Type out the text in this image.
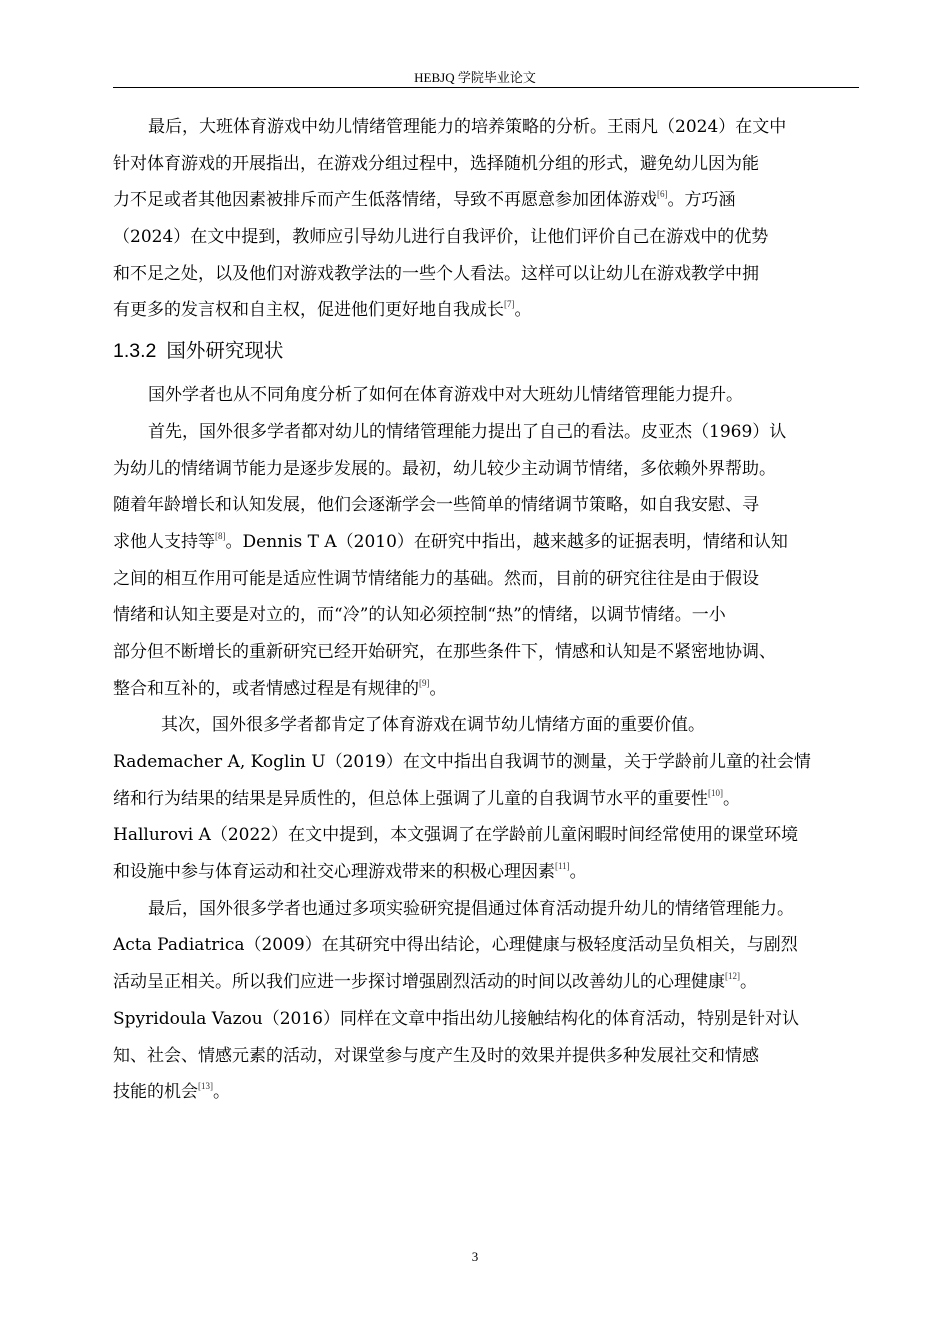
HEBJQ 学院毕业论文
最后，大班体育游戏中幼儿情绪管理能力的培养策略的分析。王雨凡（2024）在文中
针对体育游戏的开展指出，在游戏分组过程中，选择随机分组的形式，避免幼儿因为能
力不足或者其他因素被排斥而产生低落情绪，导致不再愿意参加团体游戏[6]。方巧涵
（2024）在文中提到，教师应引导幼儿进行自我评价，让他们评价自己在游戏中的优势
和不足之处，以及他们对游戏教学法的一些个人看法。这样可以让幼儿在游戏教学中拥
有更多的发言权和自主权，促进他们更好地自我成长[7]。
1.3.2 国外研究现状
国外学者也从不同角度分析了如何在体育游戏中对大班幼儿情绪管理能力提升。
首先，国外很多学者都对幼儿的情绪管理能力提出了自己的看法。皮亚杰（1969）认
为幼儿的情绪调节能力是逐步发展的。最初，幼儿较少主动调节情绪，多依赖外界帮助。
随着年龄增长和认知发展，他们会逐渐学会一些简单的情绪调节策略，如自我安慰、寻
求他人支持等[8]。Dennis T A（2010）在研究中指出，越来越多的证据表明，情绪和认知
之间的相互作用可能是适应性调节情绪能力的基础。然而，目前的研究往往是由于假设
情绪和认知主要是对立的，而“冷”的认知必须控制“热”的情绪，以调节情绪。一小
部分但不断增长的重新研究已经开始研究，在那些条件下，情感和认知是不紧密地协调、
整合和互补的，或者情感过程是有规律的[9]。
其次，国外很多学者都肯定了体育游戏在调节幼儿情绪方面的重要价值。
Rademacher A, Koglin U（2019）在文中指出自我调节的测量，关于学龄前儿童的社会情
绪和行为结果的结果是异质性的，但总体上强调了儿童的自我调节水平的重要性[10]。
Hallurovi A（2022）在文中提到，本文强调了在学龄前儿童闲暇时间经常使用的课堂环境
和设施中参与体育运动和社交心理游戏带来的积极心理因素[11]。
最后，国外很多学者也通过多项实验研究提倡通过体育活动提升幼儿的情绪管理能力。
Acta Padiatrica（2009）在其研究中得出结论，心理健康与极轻度活动呈负相关，与剧烈
活动呈正相关。所以我们应进一步探讨增强剧烈活动的时间以改善幼儿的心理健康[12]。
Spyridoula Vazou（2016）同样在文章中指出幼儿接触结构化的体育活动，特别是针对认
知、社会、情感元素的活动，对课堂参与度产生及时的效果并提供多种发展社交和情感
技能的机会[13]。
3
